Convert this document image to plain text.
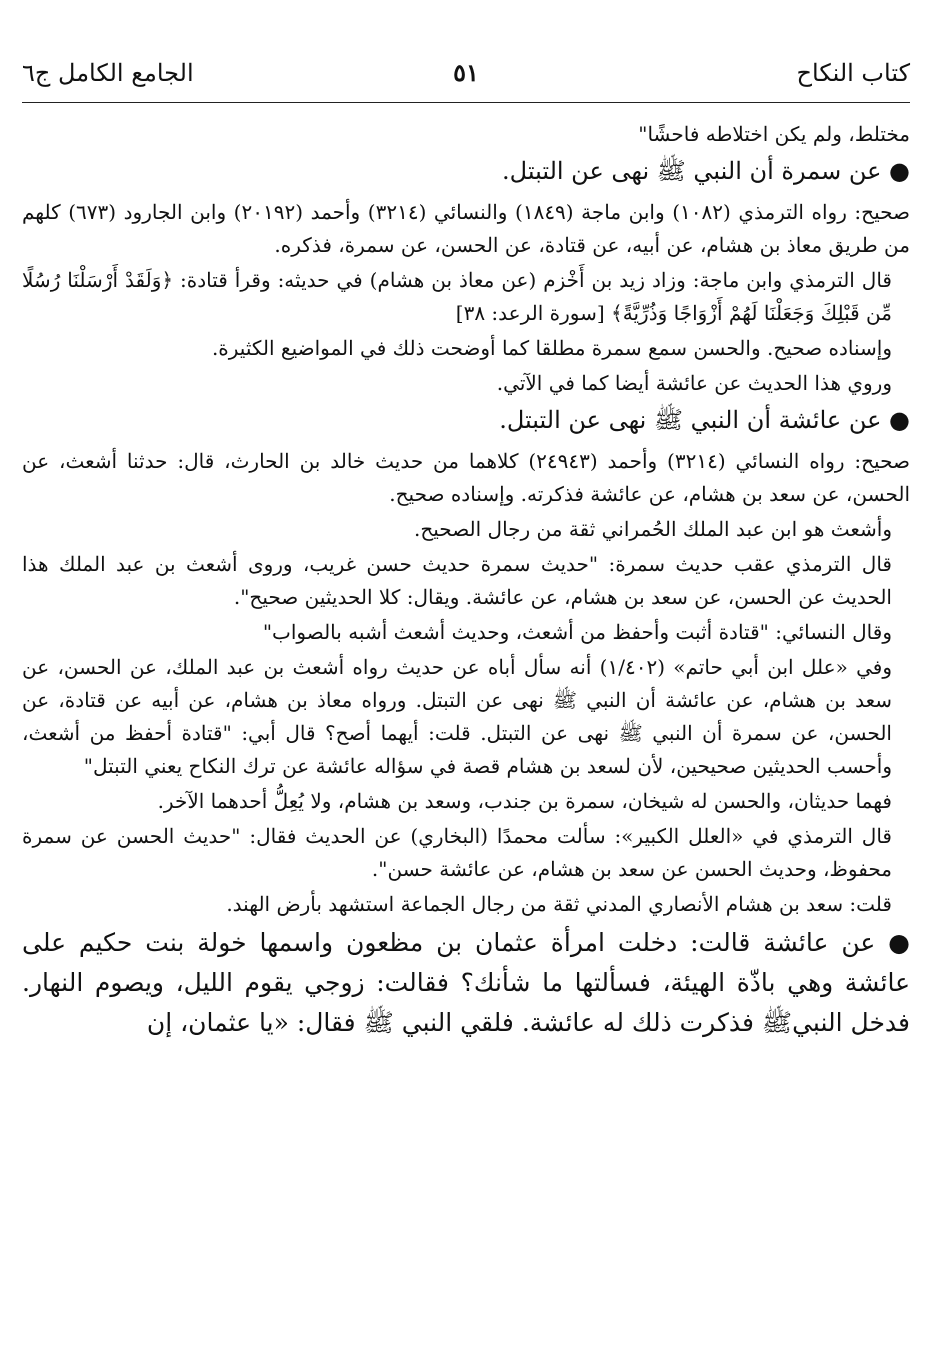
كتاب النكاح
٥١
الجامع الكامل ج٦

مختلط، ولم يكن اختلاطه فاحشًا"

● عن سمرة أن النبي ﷺ نهى عن التبتل.

صحيح: رواه الترمذي (١٠٨٢) وابن ماجة (١٨٤٩) والنسائي (٣٢١٤) وأحمد (٢٠١٩٢) وابن الجارود (٦٧٣) كلهم من طريق معاذ بن هشام، عن أبيه، عن قتادة، عن الحسن، عن سمرة، فذكره.

قال الترمذي وابن ماجة: وزاد زيد بن أَخْزم (عن معاذ بن هشام) في حديثه: وقرأ قتادة: ﴿وَلَقَدْ أَرْسَلْنَا رُسُلًا مِّن قَبْلِكَ وَجَعَلْنَا لَهُمْ أَزْوَاجًا وَذُرِّيَّةً﴾ [سورة الرعد: ٣٨]

وإسناده صحيح. والحسن سمع سمرة مطلقا كما أوضحت ذلك في المواضيع الكثيرة.

وروي هذا الحديث عن عائشة أيضا كما في الآتي.

● عن عائشة أن النبي ﷺ نهى عن التبتل.

صحيح: رواه النسائي (٣٢١٤) وأحمد (٢٤٩٤٣) كلاهما من حديث خالد بن الحارث، قال: حدثنا أشعث، عن الحسن، عن سعد بن هشام، عن عائشة فذكرته. وإسناده صحيح.

وأشعث هو ابن عبد الملك الحُمراني ثقة من رجال الصحيح.

قال الترمذي عقب حديث سمرة: "حديث سمرة حديث حسن غريب، وروى أشعث بن عبد الملك هذا الحديث عن الحسن، عن سعد بن هشام، عن عائشة. ويقال: كلا الحديثين صحيح".

وقال النسائي: "قتادة أثبت وأحفظ من أشعث، وحديث أشعث أشبه بالصواب"

وفي «علل ابن أبي حاتم» (١/٤٠٢) أنه سأل أباه عن حديث رواه أشعث بن عبد الملك، عن الحسن، عن سعد بن هشام، عن عائشة أن النبي ﷺ نهى عن التبتل. ورواه معاذ بن هشام، عن أبيه عن قتادة، عن الحسن، عن سمرة أن النبي ﷺ نهى عن التبتل. قلت: أيهما أصح؟ قال أبي: "قتادة أحفظ من أشعث، وأحسب الحديثين صحيحين، لأن لسعد بن هشام قصة في سؤاله عائشة عن ترك النكاح يعني التبتل"

فهما حديثان، والحسن له شيخان، سمرة بن جندب، وسعد بن هشام، ولا يُعِلُّ أحدهما الآخر.

قال الترمذي في «العلل الكبير»: سألت محمدًا (البخاري) عن الحديث فقال: "حديث الحسن عن سمرة محفوظ، وحديث الحسن عن سعد بن هشام، عن عائشة حسن".

قلت: سعد بن هشام الأنصاري المدني ثقة من رجال الجماعة استشهد بأرض الهند.

● عن عائشة قالت: دخلت امرأة عثمان بن مظعون واسمها خولة بنت حكيم على عائشة وهي باذّة الهيئة، فسألتها ما شأنك؟ فقالت: زوجي يقوم الليل، ويصوم النهار. فدخل النبيﷺ فذكرت ذلك له عائشة. فلقي النبي ﷺ فقال: «يا عثمان، إن
